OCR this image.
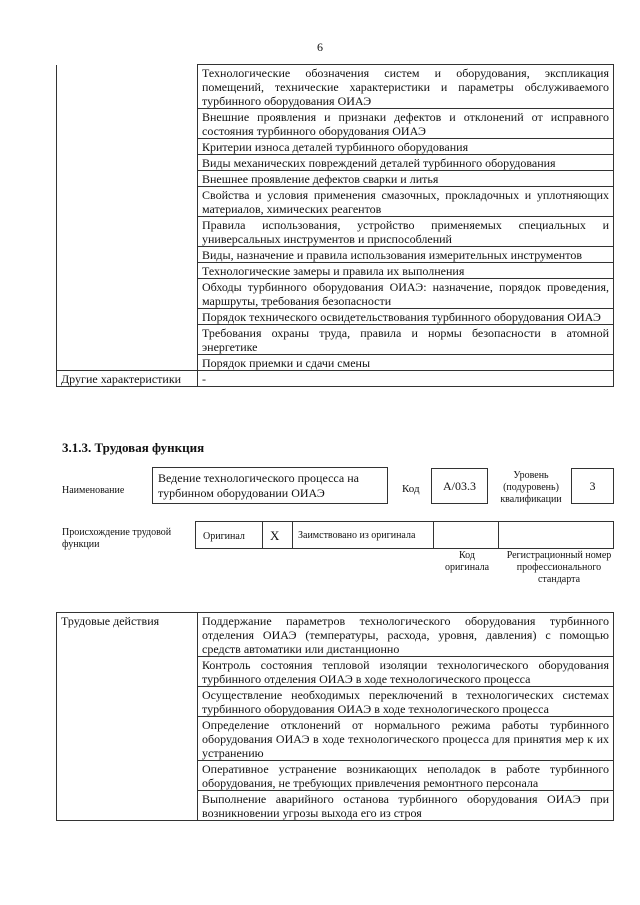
6
	Технологические обозначения систем и оборудования, экспликация помещений, технические характеристики и параметры обслуживаемого турбинного оборудования ОИАЭ
	Внешние проявления и признаки дефектов и отклонений от исправного состояния турбинного оборудования ОИАЭ
	Критерии износа деталей турбинного оборудования
	Виды механических повреждений деталей турбинного оборудования
	Внешнее проявление дефектов сварки и литья
	Свойства и условия применения смазочных, прокладочных и уплотняющих материалов, химических реагентов
	Правила использования, устройство применяемых специальных и универсальных инструментов и приспособлений
	Виды, назначение и правила использования измерительных инструментов
	Технологические замеры и правила их выполнения
	Обходы турбинного оборудования ОИАЭ: назначение, порядок проведения, маршруты, требования безопасности
	Порядок технического освидетельствования турбинного оборудования ОИАЭ
	Требования охраны труда, правила и нормы безопасности в атомной энергетике
	Порядок приемки и сдачи смены
Другие характеристики	-
3.1.3. Трудовая функция
Наименование
Ведение технологического процесса на турбинном оборудовании ОИАЭ	Код	A/03.3
Уровень (подуровень) квалификации
3
Происхождение трудовой функции
Оригинал X Заимствовано из оригинала
Код оригинала
Регистрационный номер профессионального стандарта
Трудовые действия	Поддержание параметров технологического оборудования турбинного отделения ОИАЭ (температуры, расхода, уровня, давления) с помощью средств автоматики или дистанционно
	Контроль состояния тепловой изоляции технологического оборудования турбинного отделения ОИАЭ в ходе технологического процесса
	Осуществление необходимых переключений в технологических системах турбинного оборудования ОИАЭ в ходе технологического процесса
	Определение отклонений от нормального режима работы турбинного оборудования ОИАЭ в ходе технологического процесса для принятия мер к их устранению
	Оперативное устранение возникающих неполадок в работе турбинного оборудования, не требующих привлечения ремонтного персонала
	Выполнение аварийного останова турбинного оборудования ОИАЭ при возникновении угрозы выхода его из строя
